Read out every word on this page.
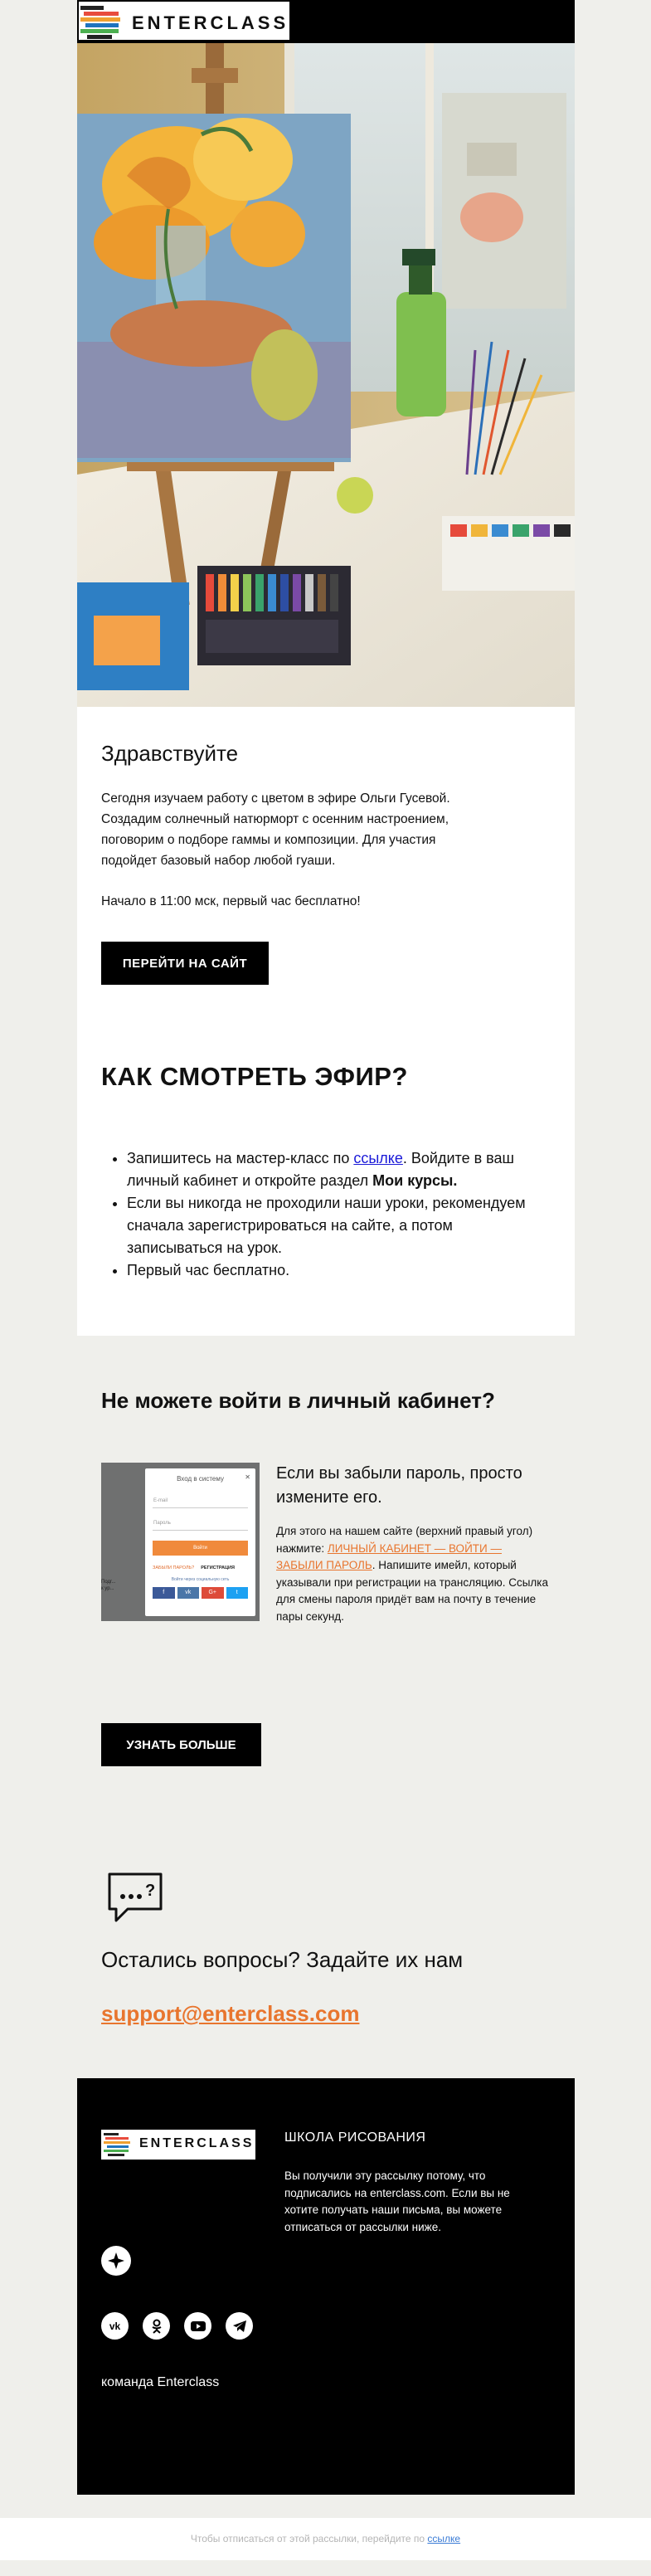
ENTERCLASS
Здравствуйте
Сегодня изучаем работу с цветом в эфире Ольги Гусевой. Создадим солнечный натюрморт с осенним настроением, поговорим о подборе гаммы и композиции. Для участия подойдет базовый набор любой гуаши.
Начало в 11:00 мск, первый час бесплатно!
ПЕРЕЙТИ НА САЙТ
КАК СМОТРЕТЬ ЭФИР?
• Запишитесь на мастер-класс по ссылке. Войдите в ваш личный кабинет и откройте раздел Мои курсы.
• Если вы никогда не проходили наши уроки, рекомендуем сначала зарегистрироваться на сайте, а потом записываться на урок.
• Первый час бесплатно.
Не можете войти в личный кабинет?
Подг...
к ур...
Вход в систему	✕
E-mail
Пароль
Войти
ЗАБЫЛИ ПАРОЛЬ? РЕГИСТРАЦИЯ
Войти через социальную сеть
f	vk	G+	t
Если вы забыли пароль, просто измените его.
Для этого на нашем сайте (верхний правый угол) нажмите: ЛИЧНЫЙ КАБИНЕТ — ВОЙТИ — ЗАБЫЛИ ПАРОЛЬ. Напишите имейл, который указывали при регистрации на трансляцию. Ссылка для смены пароля придёт вам на почту в течение пары секунд.
УЗНАТЬ БОЛЬШЕ
?
Остались вопросы? Задайте их нам
support@enterclass.com
ENTERCLASS ШКОЛА РИСОВАНИЯ
Вы получили эту рассылку потому, что подписались на enterclass.com. Если вы не хотите получать наши письма, вы можете отписаться от рассылки ниже.
vk
команда Enterclass
Чтобы отписаться от этой рассылки, перейдите по ссылке
